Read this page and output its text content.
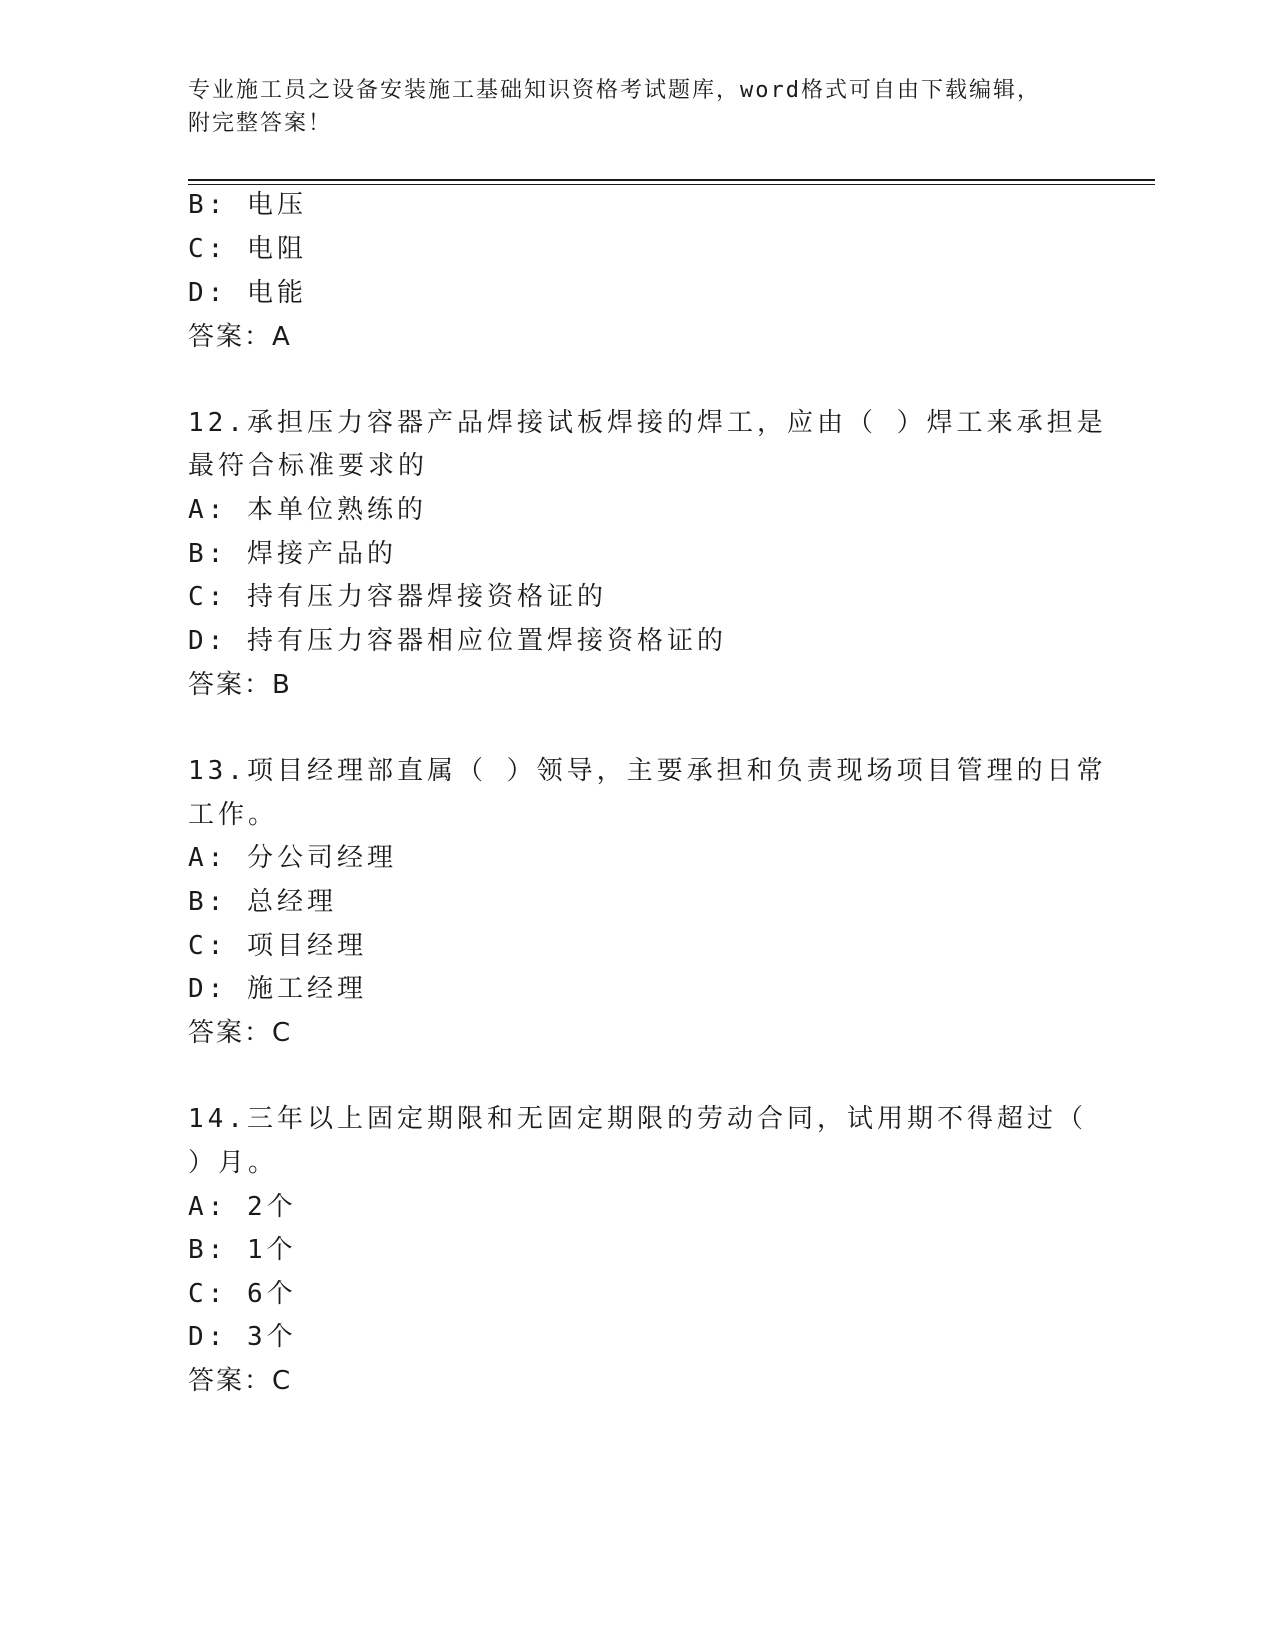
专业施工员之设备安装施工基础知识资格考试题库，word格式可自由下载编辑，
附完整答案！
B: 电压
C: 电阻
D: 电能
答案：A
12.承担压力容器产品焊接试板焊接的焊工，应由（ ）焊工来承担是
最符合标准要求的
A: 本单位熟练的
B: 焊接产品的
C: 持有压力容器焊接资格证的
D: 持有压力容器相应位置焊接资格证的
答案：B
13.项目经理部直属（ ）领导，主要承担和负责现场项目管理的日常
工作。
A: 分公司经理
B: 总经理
C: 项目经理
D: 施工经理
答案：C
14.三年以上固定期限和无固定期限的劳动合同，试用期不得超过（
）月。
A: 2个
B: 1个
C: 6个
D: 3个
答案：C
